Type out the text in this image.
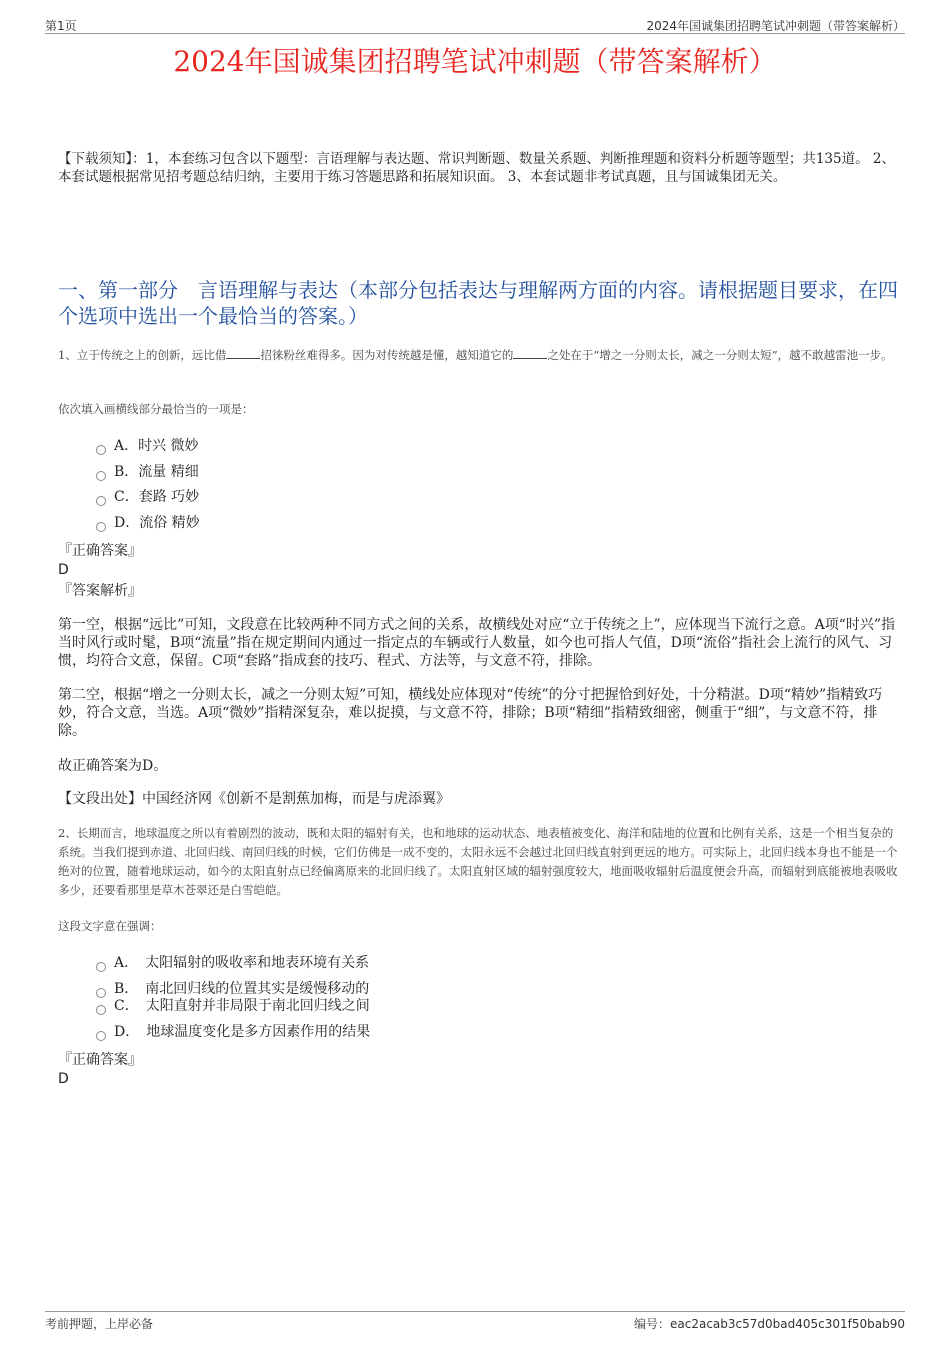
第1页	2024年国诚集团招聘笔试冲刺题（带答案解析）
2024年国诚集团招聘笔试冲刺题（带答案解析）
【下载须知】：1，本套练习包含以下题型：言语理解与表达题、常识判断题、数量关系题、判断推理题和资料分析题等题型；共135道。 2、本套试题根据常见招考题总结归纳，主要用于练习答题思路和拓展知识面。 3、本套试题非考试真题，且与国诚集团无关。
一、第一部分　言语理解与表达（本部分包括表达与理解两方面的内容。请根据题目要求，在四个选项中选出一个最恰当的答案。）
1、立于传统之上的创新，远比借	招徕粉丝难得多。因为对传统越是懂，越知道它的	之处在于“增之一分则太长，减之一分则太短”，越不敢越雷池一步。
依次填入画横线部分最恰当的一项是：
A．时兴 微妙
B．流量 精细
C．套路 巧妙
D．流俗 精妙
『正确答案』
D
『答案解析』
第一空，根据“远比”可知，文段意在比较两种不同方式之间的关系，故横线处对应“立于传统之上”，应体现当下流行之意。A项“时兴”指当时风行或时髦，B项“流量”指在规定期间内通过一指定点的车辆或行人数量，如今也可指人气值，D项“流俗”指社会上流行的风气、习惯，均符合文意，保留。C项“套路”指成套的技巧、程式、方法等，与文意不符，排除。
第二空，根据“增之一分则太长，减之一分则太短”可知，横线处应体现对“传统”的分寸把握恰到好处，十分精湛。D项“精妙”指精致巧妙，符合文意，当选。A项“微妙”指精深复杂，难以捉摸，与文意不符，排除；B项“精细”指精致细密，侧重于“细”，与文意不符，排除。
故正确答案为D。
【文段出处】中国经济网《创新不是割蕉加梅，而是与虎添翼》
2、长期而言，地球温度之所以有着剧烈的波动，既和太阳的辐射有关，也和地球的运动状态、地表植被变化、海洋和陆地的位置和比例有关系，这是一个相当复杂的系统。当我们提到赤道、北回归线、南回归线的时候，它们仿佛是一成不变的，太阳永远不会越过北回归线直射到更远的地方。可实际上，北回归线本身也不能是一个绝对的位置，随着地球运动，如今的太阳直射点已经偏离原来的北回归线了。太阳直射区域的辐射强度较大，地面吸收辐射后温度便会升高，而辐射到底能被地表吸收多少，还要看那里是草木苍翠还是白雪皑皑。
这段文字意在强调：
A．　太阳辐射的吸收率和地表环境有关系
B．　南北回归线的位置其实是缓慢移动的
C．　太阳直射并非局限于南北回归线之间
D．　地球温度变化是多方因素作用的结果
『正确答案』
D
考前押题，上岸必备	编号：eac2acab3c57d0bad405c301f50bab90
